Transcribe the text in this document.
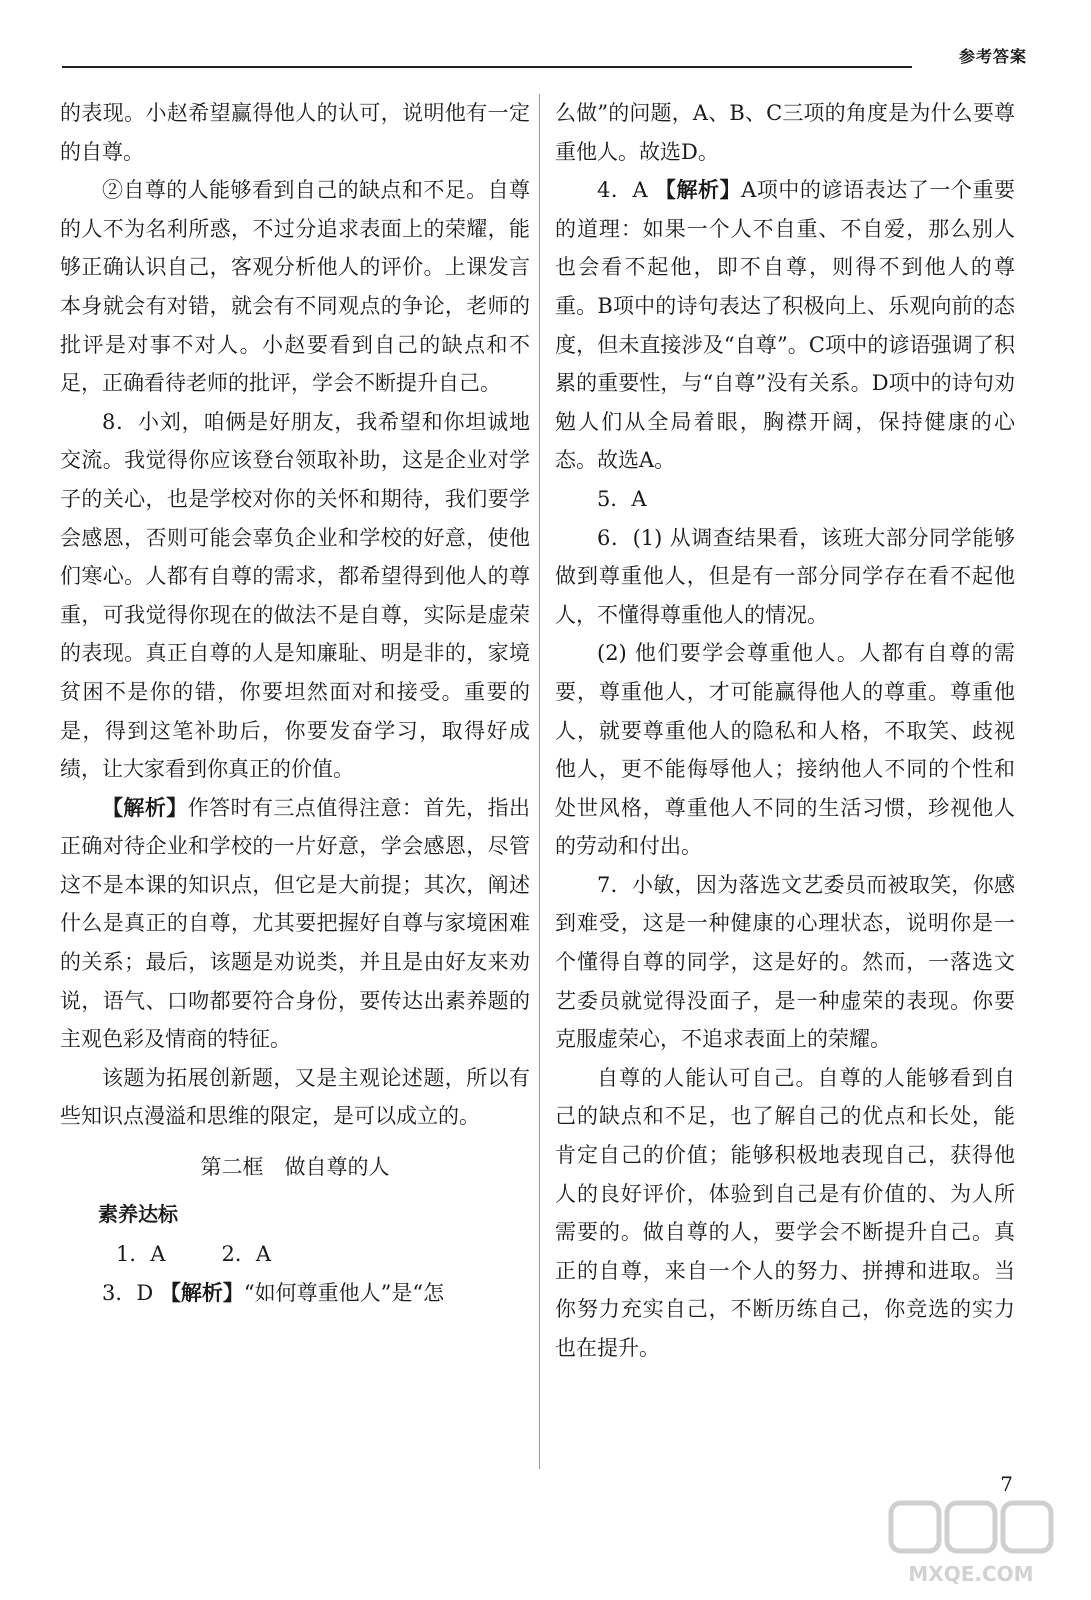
参考答案

的表现。小赵希望赢得他人的认可，说明他有一定的自尊。

②自尊的人能够看到自己的缺点和不足。自尊的人不为名利所惑，不过分追求表面上的荣耀，能够正确认识自己，客观分析他人的评价。上课发言本身就会有对错，就会有不同观点的争论，老师的批评是对事不对人。小赵要看到自己的缺点和不足，正确看待老师的批评，学会不断提升自己。

8．小刘，咱俩是好朋友，我希望和你坦诚地交流。我觉得你应该登台领取补助，这是企业对学子的关心，也是学校对你的关怀和期待，我们要学会感恩，否则可能会辜负企业和学校的好意，使他们寒心。人都有自尊的需求，都希望得到他人的尊重，可我觉得你现在的做法不是自尊，实际是虚荣的表现。真正自尊的人是知廉耻、明是非的，家境贫困不是你的错，你要坦然面对和接受。重要的是，得到这笔补助后，你要发奋学习，取得好成绩，让大家看到你真正的价值。

【解析】作答时有三点值得注意：首先，指出正确对待企业和学校的一片好意，学会感恩，尽管这不是本课的知识点，但它是大前提；其次，阐述什么是真正的自尊，尤其要把握好自尊与家境困难的关系；最后，该题是劝说类，并且是由好友来劝说，语气、口吻都要符合身份，要传达出素养题的主观色彩及情商的特征。

该题为拓展创新题，又是主观论述题，所以有些知识点漫溢和思维的限定，是可以成立的。

第二框　做自尊的人

素养达标

1．A	2．A

3．D 【解析】“如何尊重他人”是“怎

么做”的问题，A、B、C三项的角度是为什么要尊重他人。故选D。

4．A 【解析】A项中的谚语表达了一个重要的道理：如果一个人不自重、不自爱，那么别人也会看不起他，即不自尊，则得不到他人的尊重。B项中的诗句表达了积极向上、乐观向前的态度，但未直接涉及“自尊”。C项中的谚语强调了积累的重要性，与“自尊”没有关系。D项中的诗句劝勉人们从全局着眼，胸襟开阔，保持健康的心态。故选A。

5．A

6．(1) 从调查结果看，该班大部分同学能够做到尊重他人，但是有一部分同学存在看不起他人，不懂得尊重他人的情况。

(2) 他们要学会尊重他人。人都有自尊的需要，尊重他人，才可能赢得他人的尊重。尊重他人，就要尊重他人的隐私和人格，不取笑、歧视他人，更不能侮辱他人；接纳他人不同的个性和处世风格，尊重他人不同的生活习惯，珍视他人的劳动和付出。

7．小敏，因为落选文艺委员而被取笑，你感到难受，这是一种健康的心理状态，说明你是一个懂得自尊的同学，这是好的。然而，一落选文艺委员就觉得没面子，是一种虚荣的表现。你要克服虚荣心，不追求表面上的荣耀。

自尊的人能认可自己。自尊的人能够看到自己的缺点和不足，也了解自己的优点和长处，能肯定自己的价值；能够积极地表现自己，获得他人的良好评价，体验到自己是有价值的、为人所需要的。做自尊的人，要学会不断提升自己。真正的自尊，来自一个人的努力、拼搏和进取。当你努力充实自己，不断历练自己，你竞选的实力也在提升。

7
MXQE.COM
